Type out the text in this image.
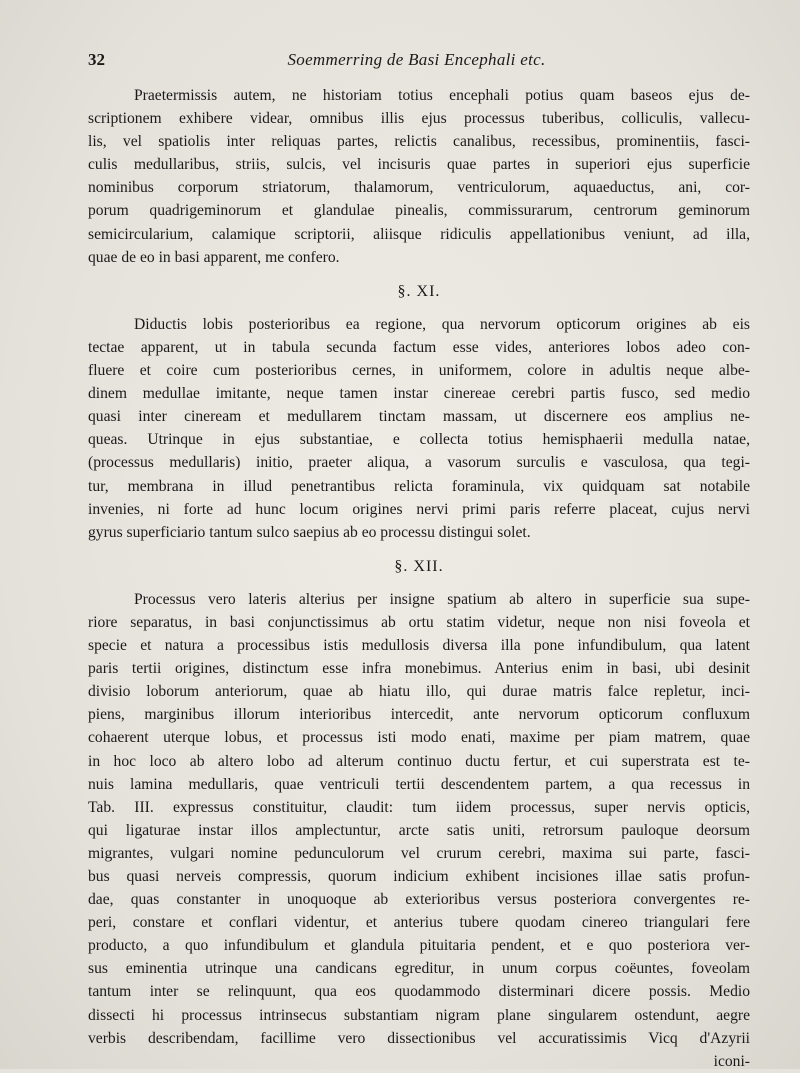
32	Soemmerring de Basi Encephali etc.
Praetermissis autem, ne historiam totius encephali potius quam baseos ejus de-
scriptionem exhibere videar, omnibus illis ejus processus tuberibus, colliculis, vallecu-
lis, vel spatiolis inter reliquas partes, relictis canalibus, recessibus, prominentiis, fasci-
culis medullaribus, striis, sulcis, vel incisuris quae partes in superiori ejus superficie
nominibus corporum striatorum, thalamorum, ventriculorum, aquaeductus, ani, cor-
porum quadrigeminorum et glandulae pinealis, commissurarum, centrorum geminorum
semicircularium, calamique scriptorii, aliisque ridiculis appellationibus veniunt, ad illa,
quae de eo in basi apparent, me confero.
§. XI.
Diductis lobis posterioribus ea regione, qua nervorum opticorum origines ab eis
tectae apparent, ut in tabula secunda factum esse vides, anteriores lobos adeo con-
fluere et coire cum posterioribus cernes, in uniformem, colore in adultis neque albe-
dinem medullae imitante, neque tamen instar cinereae cerebri partis fusco, sed medio
quasi inter cineream et medullarem tinctam massam, ut discernere eos amplius ne-
queas. Utrinque in ejus substantiae, e collecta totius hemisphaerii medulla natae,
(processus medullaris) initio, praeter aliqua, a vasorum surculis e vasculosa, qua tegi-
tur, membrana in illud penetrantibus relicta foraminula, vix quidquam sat notabile
invenies, ni forte ad hunc locum origines nervi primi paris referre placeat, cujus nervi
gyrus superficiario tantum sulco saepius ab eo processu distingui solet.
§. XII.
Processus vero lateris alterius per insigne spatium ab altero in superficie sua supe-
riore separatus, in basi conjunctissimus ab ortu statim videtur, neque non nisi foveola et
specie et natura a processibus istis medullosis diversa illa pone infundibulum, qua latent
paris tertii origines, distinctum esse infra monebimus. Anterius enim in basi, ubi desinit
divisio loborum anteriorum, quae ab hiatu illo, qui durae matris falce repletur, inci-
piens, marginibus illorum interioribus intercedit, ante nervorum opticorum confluxum
cohaerent uterque lobus, et processus isti modo enati, maxime per piam matrem, quae
in hoc loco ab altero lobo ad alterum continuo ductu fertur, et cui superstrata est te-
nuis lamina medullaris, quae ventriculi tertii descendentem partem, a qua recessus in
Tab. III. expressus constituitur, claudit: tum iidem processus, super nervis opticis,
qui ligaturae instar illos amplectuntur, arcte satis uniti, retrorsum pauloque deorsum
migrantes, vulgari nomine pedunculorum vel crurum cerebri, maxima sui parte, fasci-
bus quasi nerveis compressis, quorum indicium exhibent incisiones illae satis profun-
dae, quas constanter in unoquoque ab exterioribus versus posteriora convergentes re-
peri, constare et conflari videntur, et anterius tubere quodam cinereo triangulari fere
producto, a quo infundibulum et glandula pituitaria pendent, et e quo posteriora ver-
sus eminentia utrinque una candicans egreditur, in unum corpus coëuntes, foveolam
tantum inter se relinquunt, qua eos quodammodo disterminari dicere possis. Medio
dissecti hi processus intrinsecus substantiam nigram plane singularem ostendunt, aegre
verbis describendam, facillime vero dissectionibus vel accuratissimis Vicq d'Azyrii
iconi-
